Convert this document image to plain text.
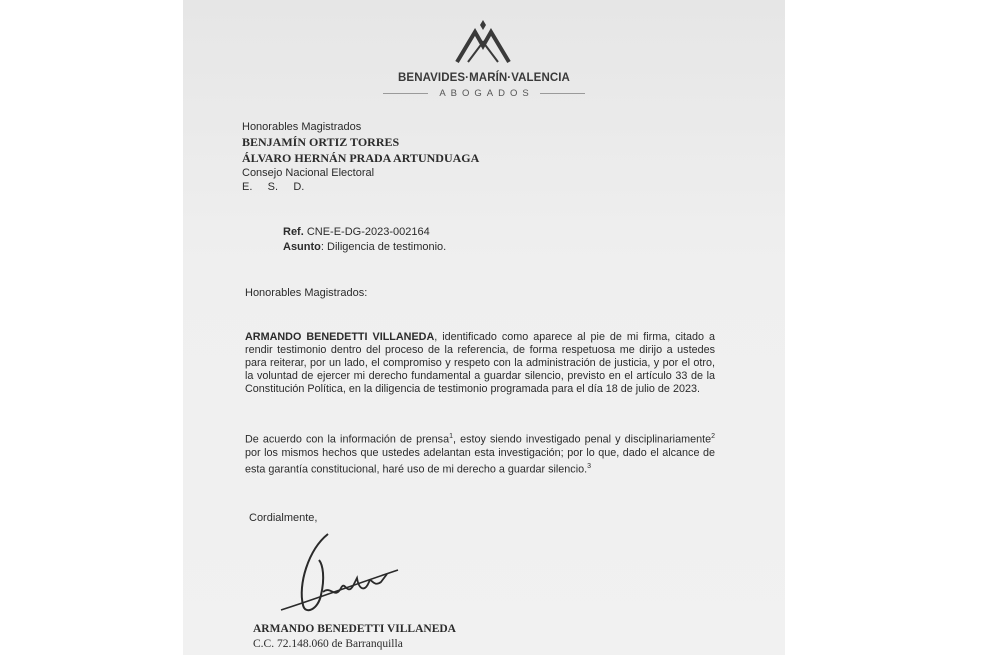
BENAVIDES·MARÍN·VALENCIA
ABOGADOS
Honorables Magistrados
BENJAMÍN ORTIZ TORRES
ÁLVARO HERNÁN PRADA ARTUNDUAGA
Consejo Nacional Electoral
E.     S.     D.
Ref. CNE-E-DG-2023-002164
Asunto: Diligencia de testimonio.
Honorables Magistrados:
ARMANDO BENEDETTI VILLANEDA, identificado como aparece al pie de mi firma, citado a rendir testimonio dentro del proceso de la referencia, de forma respetuosa me dirijo a ustedes para reiterar, por un lado, el compromiso y respeto con la administración de justicia, y por el otro, la voluntad de ejercer mi derecho fundamental a guardar silencio, previsto en el artículo 33 de la Constitución Política, en la diligencia de testimonio programada para el día 18 de julio de 2023.
De acuerdo con la información de prensa$^1$, estoy siendo investigado penal y disciplinariamente$^2$ por los mismos hechos que ustedes adelantan esta investigación; por lo que, dado el alcance de esta garantía constitucional, haré uso de mi derecho a guardar silencio.$^3$
Cordialmente,
ARMANDO BENEDETTI VILLANEDA
C.C. 72.148.060 de Barranquilla
